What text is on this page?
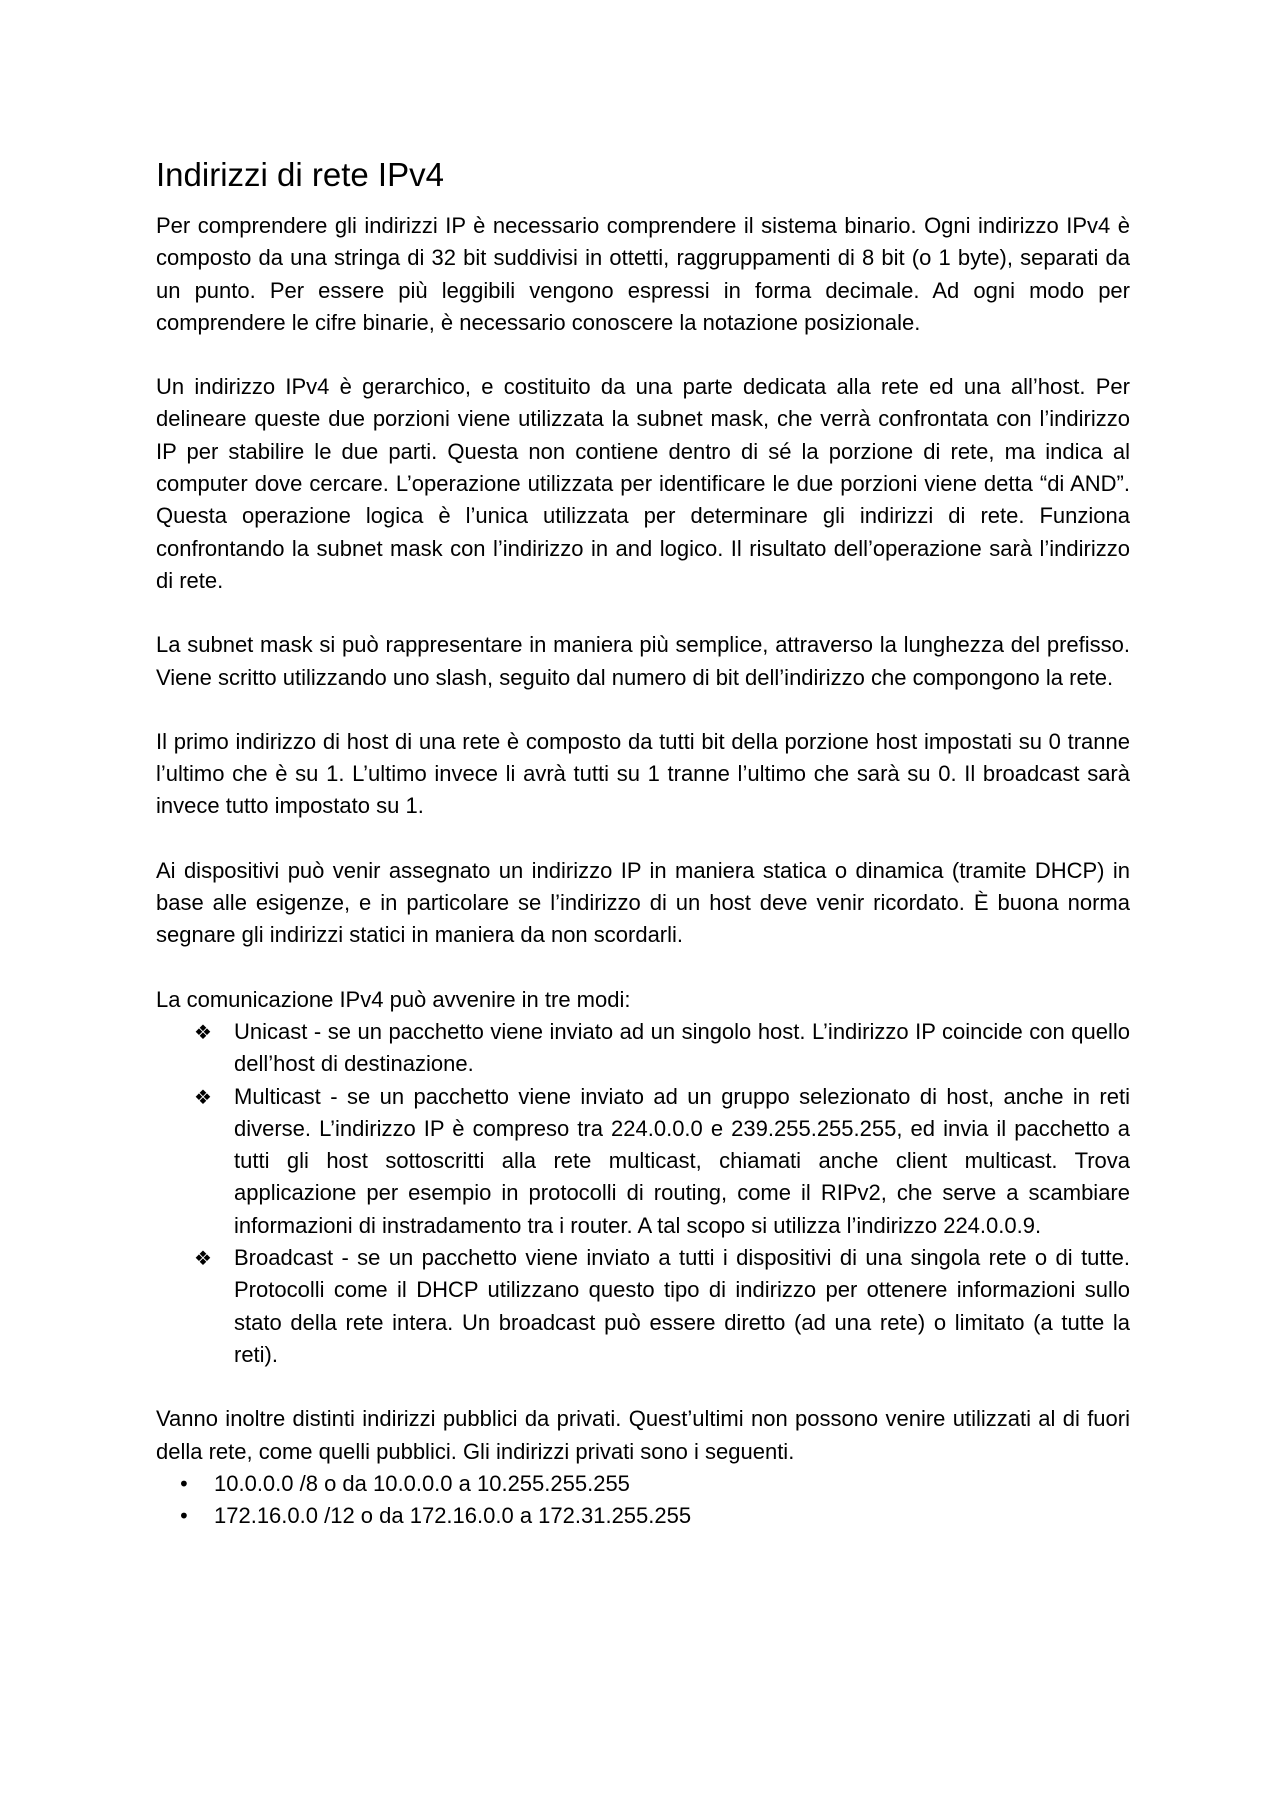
Indirizzi di rete IPv4

Per comprendere gli indirizzi IP è necessario comprendere il sistema binario. Ogni indirizzo IPv4 è composto da una stringa di 32 bit suddivisi in ottetti, raggruppamenti di 8 bit (o 1 byte), separati da un punto. Per essere più leggibili vengono espressi in forma decimale. Ad ogni modo per comprendere le cifre binarie, è necessario conoscere la notazione posizionale.

Un indirizzo IPv4 è gerarchico, e costituito da una parte dedicata alla rete ed una all’host. Per delineare queste due porzioni viene utilizzata la subnet mask, che verrà confrontata con l’indirizzo IP per stabilire le due parti. Questa non contiene dentro di sé la porzione di rete, ma indica al computer dove cercare. L’operazione utilizzata per identificare le due porzioni viene detta “di AND”. Questa operazione logica è l’unica utilizzata per determinare gli indirizzi di rete. Funziona confrontando la subnet mask con l’indirizzo in and logico. Il risultato dell’operazione sarà l’indirizzo di rete.

La subnet mask si può rappresentare in maniera più semplice, attraverso la lunghezza del prefisso. Viene scritto utilizzando uno slash, seguito dal numero di bit dell’indirizzo che compongono la rete.

Il primo indirizzo di host di una rete è composto da tutti bit della porzione host impostati su 0 tranne l’ultimo che è su 1. L’ultimo invece li avrà tutti su 1 tranne l’ultimo che sarà su 0. Il broadcast sarà invece tutto impostato su 1.

Ai dispositivi può venir assegnato un indirizzo IP in maniera statica o dinamica (tramite DHCP) in base alle esigenze, e in particolare se l’indirizzo di un host deve venir ricordato. È buona norma segnare gli indirizzi statici in maniera da non scordarli.

La comunicazione IPv4 può avvenire in tre modi:

❖ Unicast - se un pacchetto viene inviato ad un singolo host. L’indirizzo IP coincide con quello dell’host di destinazione.
❖ Multicast - se un pacchetto viene inviato ad un gruppo selezionato di host, anche in reti diverse. L’indirizzo IP è compreso tra 224.0.0.0 e 239.255.255.255, ed invia il pacchetto a tutti gli host sottoscritti alla rete multicast, chiamati anche client multicast. Trova applicazione per esempio in protocolli di routing, come il RIPv2, che serve a scambiare informazioni di instradamento tra i router. A tal scopo si utilizza l’indirizzo 224.0.0.9.
❖ Broadcast - se un pacchetto viene inviato a tutti i dispositivi di una singola rete o di tutte. Protocolli come il DHCP utilizzano questo tipo di indirizzo per ottenere informazioni sullo stato della rete intera. Un broadcast può essere diretto (ad una rete) o limitato (a tutte la reti).

Vanno inoltre distinti indirizzi pubblici da privati. Quest’ultimi non possono venire utilizzati al di fuori della rete, come quelli pubblici. Gli indirizzi privati sono i seguenti.

• 10.0.0.0 /8 o da 10.0.0.0 a 10.255.255.255
• 172.16.0.0 /12 o da 172.16.0.0 a 172.31.255.255
